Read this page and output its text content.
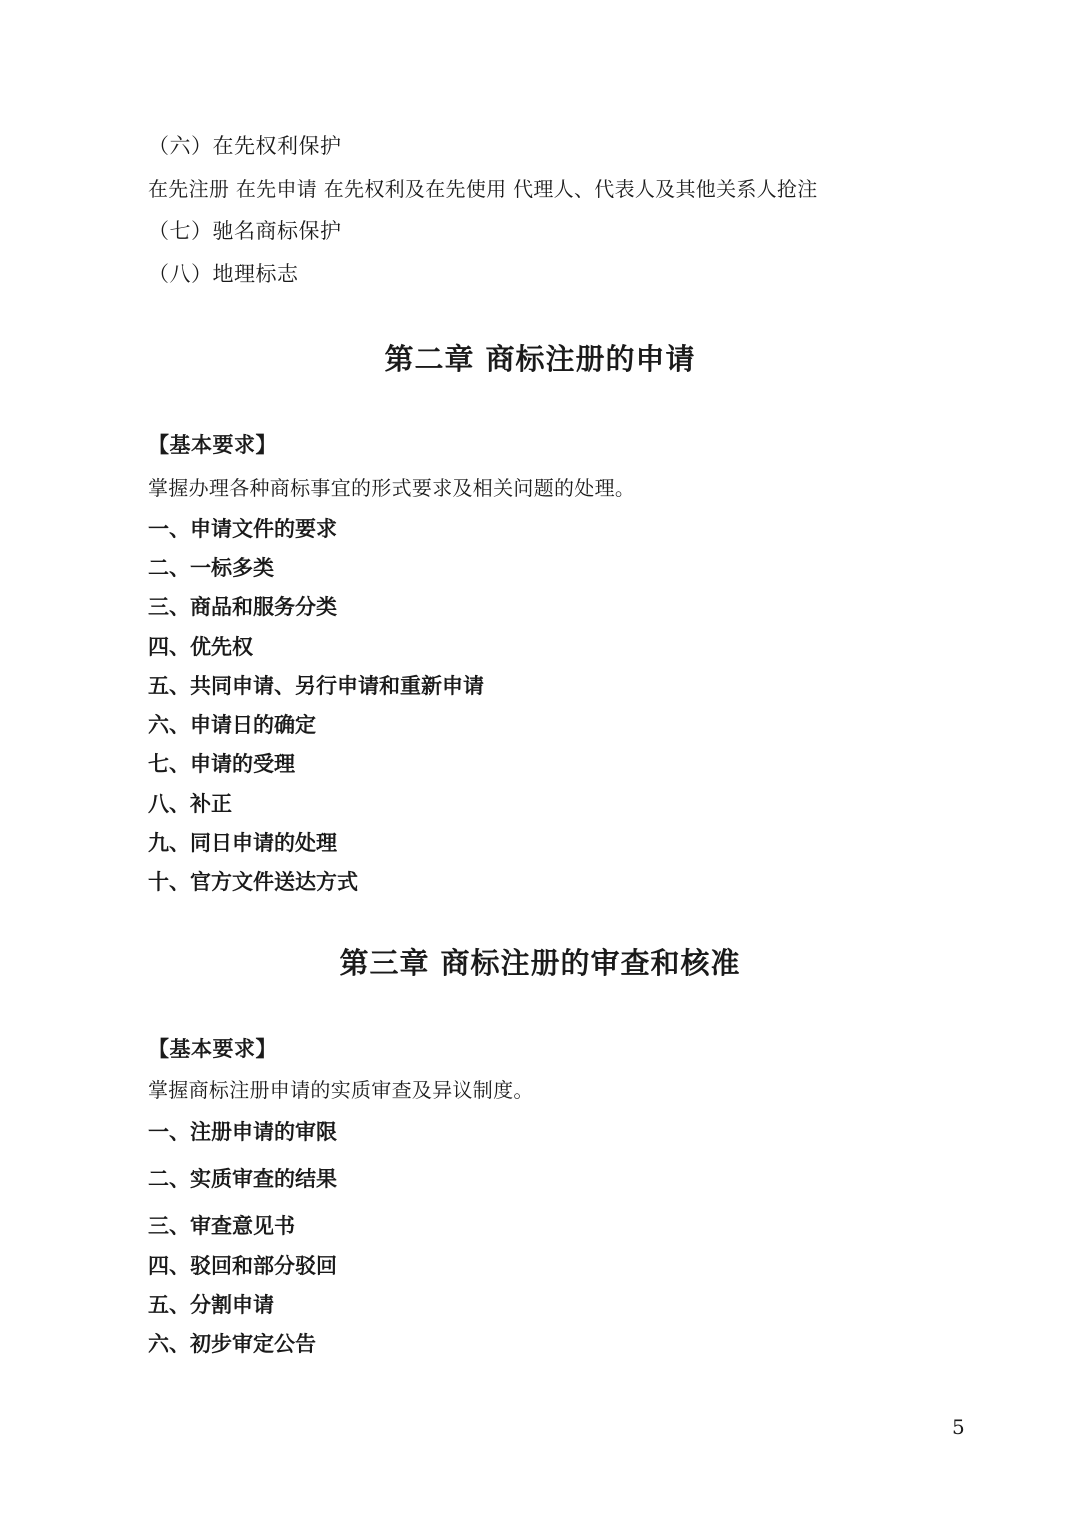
（六）在先权利保护
在先注册 在先申请 在先权利及在先使用 代理人、代表人及其他关系人抢注
（七）驰名商标保护
（八）地理标志
第二章 商标注册的申请
【基本要求】
掌握办理各种商标事宜的形式要求及相关问题的处理。
一、申请文件的要求
二、一标多类
三、商品和服务分类
四、优先权
五、共同申请、另行申请和重新申请
六、申请日的确定
七、申请的受理
八、补正
九、同日申请的处理
十、官方文件送达方式
第三章 商标注册的审查和核准
【基本要求】
掌握商标注册申请的实质审查及异议制度。
一、注册申请的审限
二、实质审查的结果
三、审查意见书
四、驳回和部分驳回
五、分割申请
六、初步审定公告
5
